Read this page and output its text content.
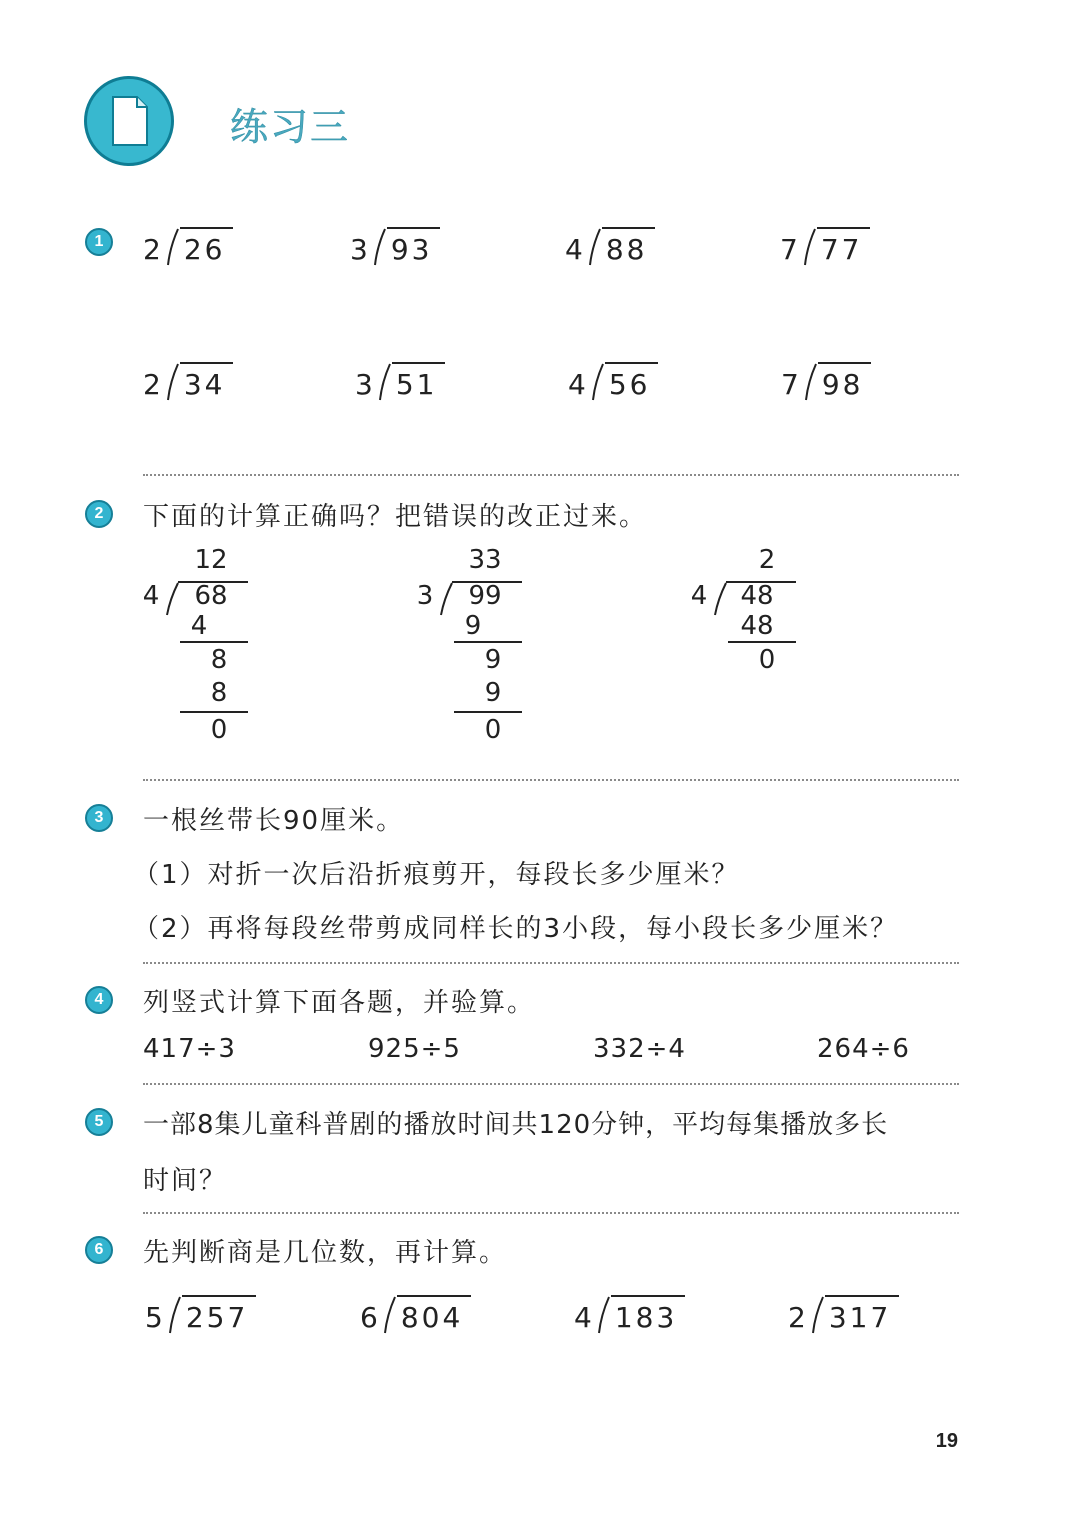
练习三
1	2 26	3 93	4 88	7 77
2 34	3 51	4 56	7 98
2	下面的计算正确吗？把错误的改正过来。
12
4 68
4
8
8
0
33
3 99
9
9
9
0
2
4 48
48
0
3	一根丝带长90厘米。
（1）对折一次后沿折痕剪开，每段长多少厘米？
（2）再将每段丝带剪成同样长的3小段，每小段长多少厘米？
4	列竖式计算下面各题，并验算。
417÷3	925÷5	332÷4	264÷6
5	一部8集儿童科普剧的播放时间共120分钟，平均每集播放多长
时间？
6	先判断商是几位数，再计算。
5 257	6 804	4 183	2 317
19
